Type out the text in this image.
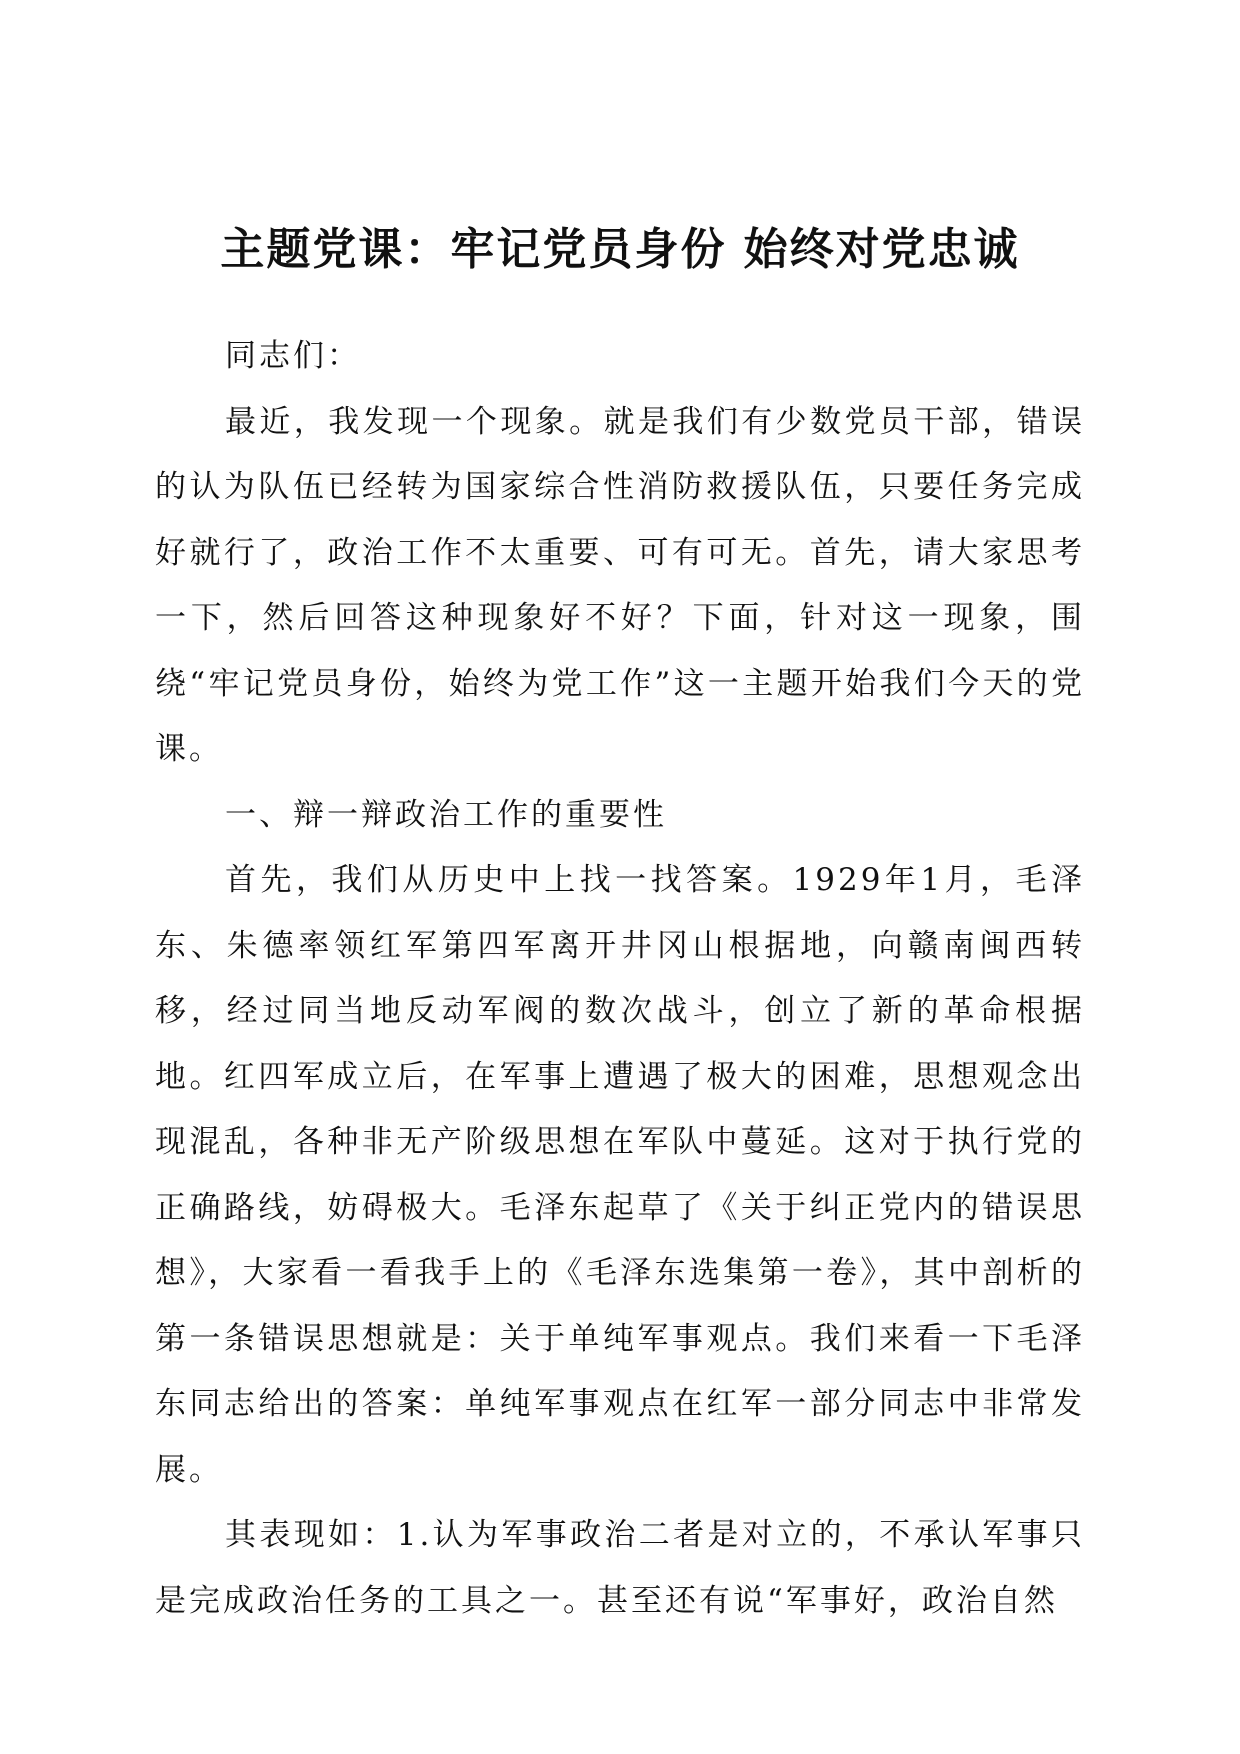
主题党课：牢记党员身份 始终对党忠诚

同志们：

最近，我发现一个现象。就是我们有少数党员干部，错误的认为队伍已经转为国家综合性消防救援队伍，只要任务完成好就行了，政治工作不太重要、可有可无。首先，请大家思考一下，然后回答这种现象好不好？下面，针对这一现象，围绕“牢记党员身份，始终为党工作”这一主题开始我们今天的党课。

一、辩一辩政治工作的重要性

首先，我们从历史中上找一找答案。1929年1月，毛泽东、朱德率领红军第四军离开井冈山根据地，向赣南闽西转移，经过同当地反动军阀的数次战斗，创立了新的革命根据地。红四军成立后，在军事上遭遇了极大的困难，思想观念出现混乱，各种非无产阶级思想在军队中蔓延。这对于执行党的正确路线，妨碍极大。毛泽东起草了《关于纠正党内的错误思想》，大家看一看我手上的《毛泽东选集第一卷》，其中剖析的第一条错误思想就是：关于单纯军事观点。我们来看一下毛泽东同志给出的答案：单纯军事观点在红军一部分同志中非常发展。

其表现如：1.认为军事政治二者是对立的，不承认军事只是完成政治任务的工具之一。甚至还有说“军事好，政治自然
